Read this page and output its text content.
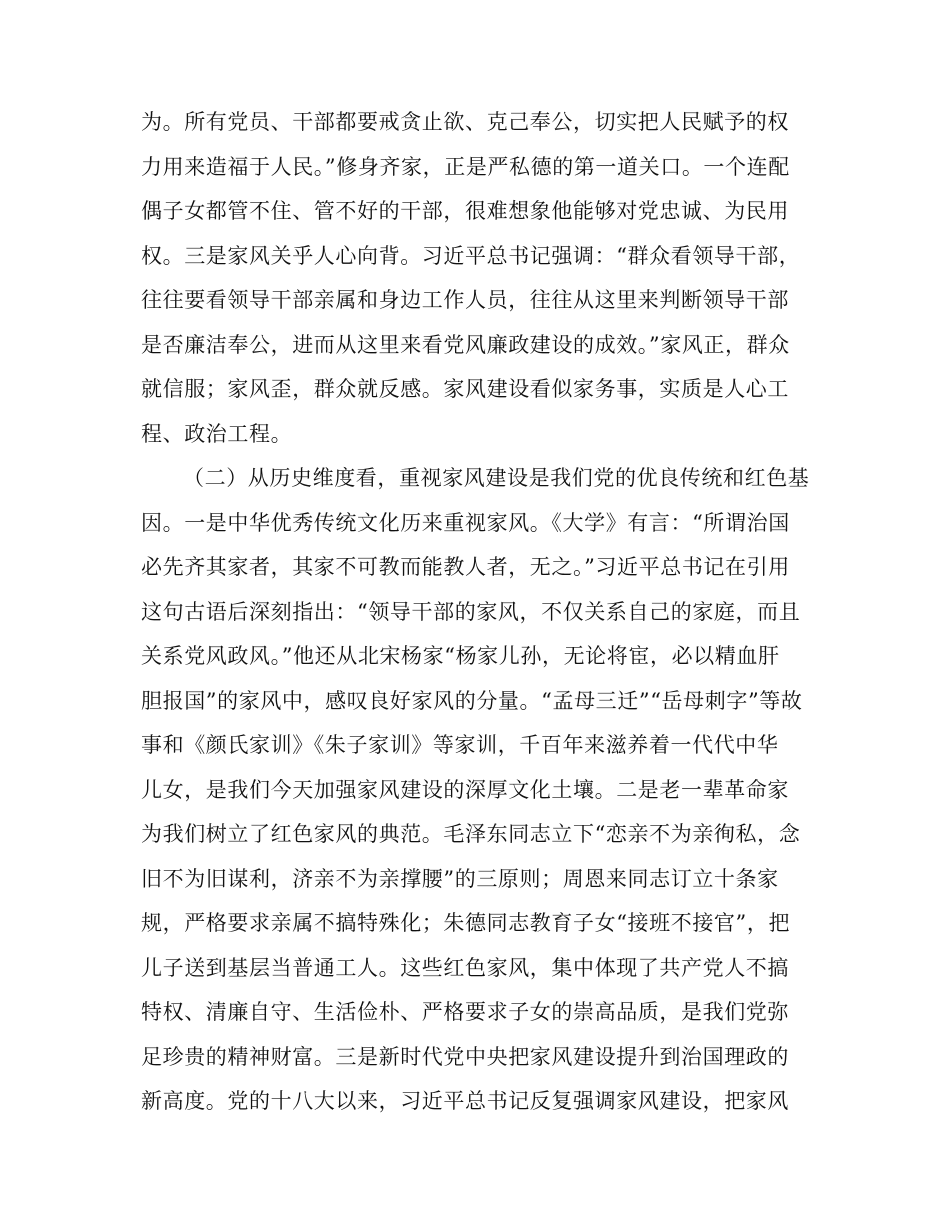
为。所有党员、干部都要戒贪止欲、克己奉公，切实把人民赋予的权
力用来造福于人民。”修身齐家，正是严私德的第一道关口。一个连配
偶子女都管不住、管不好的干部，很难想象他能够对党忠诚、为民用
权。三是家风关乎人心向背。习近平总书记强调：“群众看领导干部，
往往要看领导干部亲属和身边工作人员，往往从这里来判断领导干部
是否廉洁奉公，进而从这里来看党风廉政建设的成效。”家风正，群众
就信服；家风歪，群众就反感。家风建设看似家务事，实质是人心工
程、政治工程。
（二）从历史维度看，重视家风建设是我们党的优良传统和红色基
因。一是中华优秀传统文化历来重视家风。《大学》有言：“所谓治国
必先齐其家者，其家不可教而能教人者，无之。”习近平总书记在引用
这句古语后深刻指出：“领导干部的家风，不仅关系自己的家庭，而且
关系党风政风。”他还从北宋杨家“杨家儿孙，无论将宦，必以精血肝
胆报国”的家风中，感叹良好家风的分量。“孟母三迁”“岳母刺字”等故
事和《颜氏家训》《朱子家训》等家训，千百年来滋养着一代代中华
儿女，是我们今天加强家风建设的深厚文化土壤。二是老一辈革命家
为我们树立了红色家风的典范。毛泽东同志立下“恋亲不为亲徇私，念
旧不为旧谋利，济亲不为亲撑腰”的三原则；周恩来同志订立十条家
规，严格要求亲属不搞特殊化；朱德同志教育子女“接班不接官”，把
儿子送到基层当普通工人。这些红色家风，集中体现了共产党人不搞
特权、清廉自守、生活俭朴、严格要求子女的崇高品质，是我们党弥
足珍贵的精神财富。三是新时代党中央把家风建设提升到治国理政的
新高度。党的十八大以来，习近平总书记反复强调家风建设，把家风
